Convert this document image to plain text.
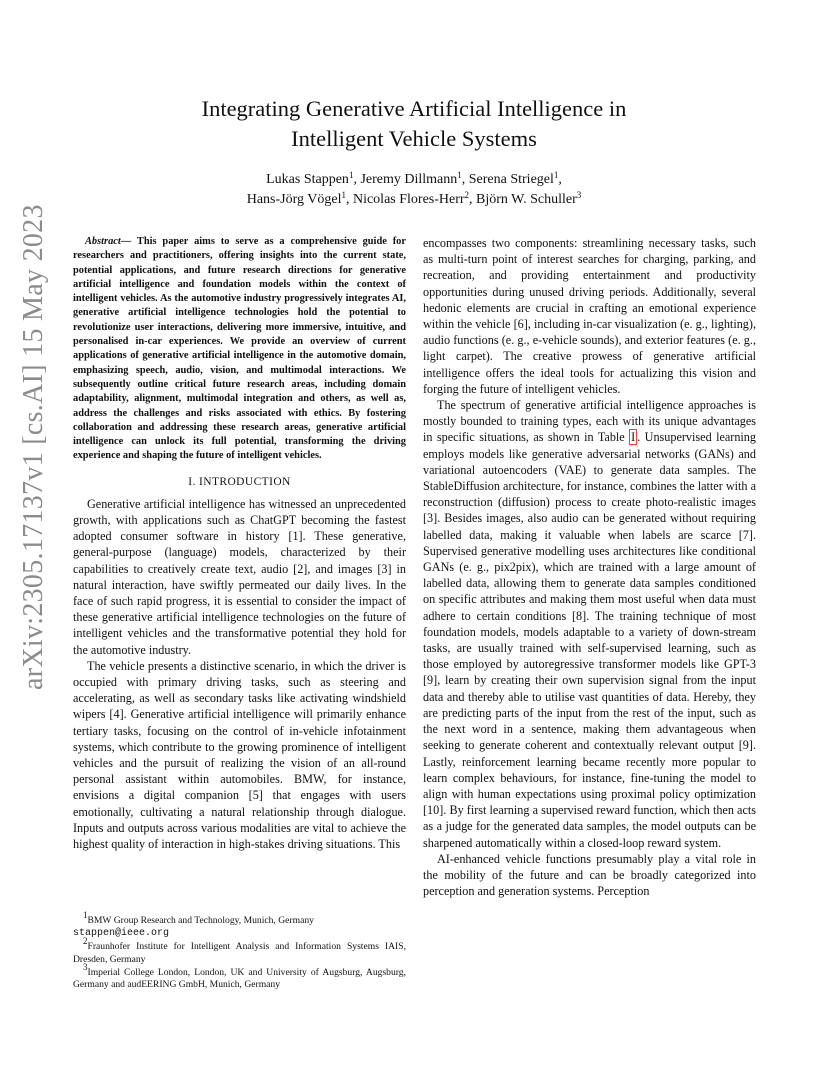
arXiv:2305.17137v1 [cs.AI] 15 May 2023
Integrating Generative Artificial Intelligence in
Intelligent Vehicle Systems
Lukas Stappen$^1$, Jeremy Dillmann$^1$, Serena Striegel$^1$,
Hans-Jörg Vögel$^1$, Nicolas Flores-Herr$^2$, Björn W. Schuller$^3$

Abstract— This paper aims to serve as a comprehensive guide for researchers and practitioners, offering insights into the current state, potential applications, and future research directions for generative artificial intelligence and foundation models within the context of intelligent vehicles. As the automotive industry progressively integrates AI, generative artificial intelligence technologies hold the potential to revolutionize user interactions, delivering more immersive, intuitive, and personalised in-car experiences. We provide an overview of current applications of generative artificial intelligence in the automotive domain, emphasizing speech, audio, vision, and multimodal interactions. We subsequently outline critical future research areas, including domain adaptability, alignment, multimodal integration and others, as well as, address the challenges and risks associated with ethics. By fostering collaboration and addressing these research areas, generative artificial intelligence can unlock its full potential, transforming the driving experience and shaping the future of intelligent vehicles.

I. INTRODUCTION

Generative artificial intelligence has witnessed an unprecedented growth, with applications such as ChatGPT becoming the fastest adopted consumer software in history [1]. These generative, general-purpose (language) models, characterized by their capabilities to creatively create text, audio [2], and images [3] in natural interaction, have swiftly permeated our daily lives. In the face of such rapid progress, it is essential to consider the impact of these generative artificial intelligence technologies on the future of intelligent vehicles and the transformative potential they hold for the automotive industry.

The vehicle presents a distinctive scenario, in which the driver is occupied with primary driving tasks, such as steering and accelerating, as well as secondary tasks like activating windshield wipers [4]. Generative artificial intelligence will primarily enhance tertiary tasks, focusing on the control of in-vehicle infotainment systems, which contribute to the growing prominence of intelligent vehicles and the pursuit of realizing the vision of an all-round personal assistant within automobiles. BMW, for instance, envisions a digital companion [5] that engages with users emotionally, cultivating a natural relationship through dialogue. Inputs and outputs across various modalities are vital to achieve the highest quality of interaction in high-stakes driving situations. This

$^1$BMW Group Research and Technology, Munich, Germany
stappen@ieee.org

$^2$Fraunhofer Institute for Intelligent Analysis and Information Systems IAIS, Dresden, Germany

$^3$Imperial College London, London, UK and University of Augsburg, Augsburg, Germany and audEERING GmbH, Munich, Germany

encompasses two components: streamlining necessary tasks, such as multi-turn point of interest searches for charging, parking, and recreation, and providing entertainment and productivity opportunities during unused driving periods. Additionally, several hedonic elements are crucial in crafting an emotional experience within the vehicle [6], including in-car visualization (e. g., lighting), audio functions (e. g., e-vehicle sounds), and exterior features (e. g., light carpet). The creative prowess of generative artificial intelligence offers the ideal tools for actualizing this vision and forging the future of intelligent vehicles.

The spectrum of generative artificial intelligence approaches is mostly bounded to training types, each with its unique advantages in specific situations, as shown in Table I . Unsupervised learning employs models like generative adversarial networks (GANs) and variational autoencoders (VAE) to generate data samples. The StableDiffusion architecture, for instance, combines the latter with a reconstruction (diffusion) process to create photo-realistic images [3]. Besides images, also audio can be generated without requiring labelled data, making it valuable when labels are scarce [7]. Supervised generative modelling uses architectures like conditional GANs (e. g., pix2pix), which are trained with a large amount of labelled data, allowing them to generate data samples conditioned on specific attributes and making them most useful when data must adhere to certain conditions [8]. The training technique of most foundation models, models adaptable to a variety of down-stream tasks, are usually trained with self-supervised learning, such as those employed by autoregressive transformer models like GPT-3 [9], learn by creating their own supervision signal from the input data and thereby able to utilise vast quantities of data. Hereby, they are predicting parts of the input from the rest of the input, such as the next word in a sentence, making them advantageous when seeking to generate coherent and contextually relevant output [9]. Lastly, reinforcement learning became recently more popular to learn complex behaviours, for instance, fine-tuning the model to align with human expectations using proximal policy optimization [10]. By first learning a supervised reward function, which then acts as a judge for the generated data samples, the model outputs can be sharpened automatically within a closed-loop reward system.

AI-enhanced vehicle functions presumably play a vital role in the mobility of the future and can be broadly categorized into perception and generation systems. Perception
